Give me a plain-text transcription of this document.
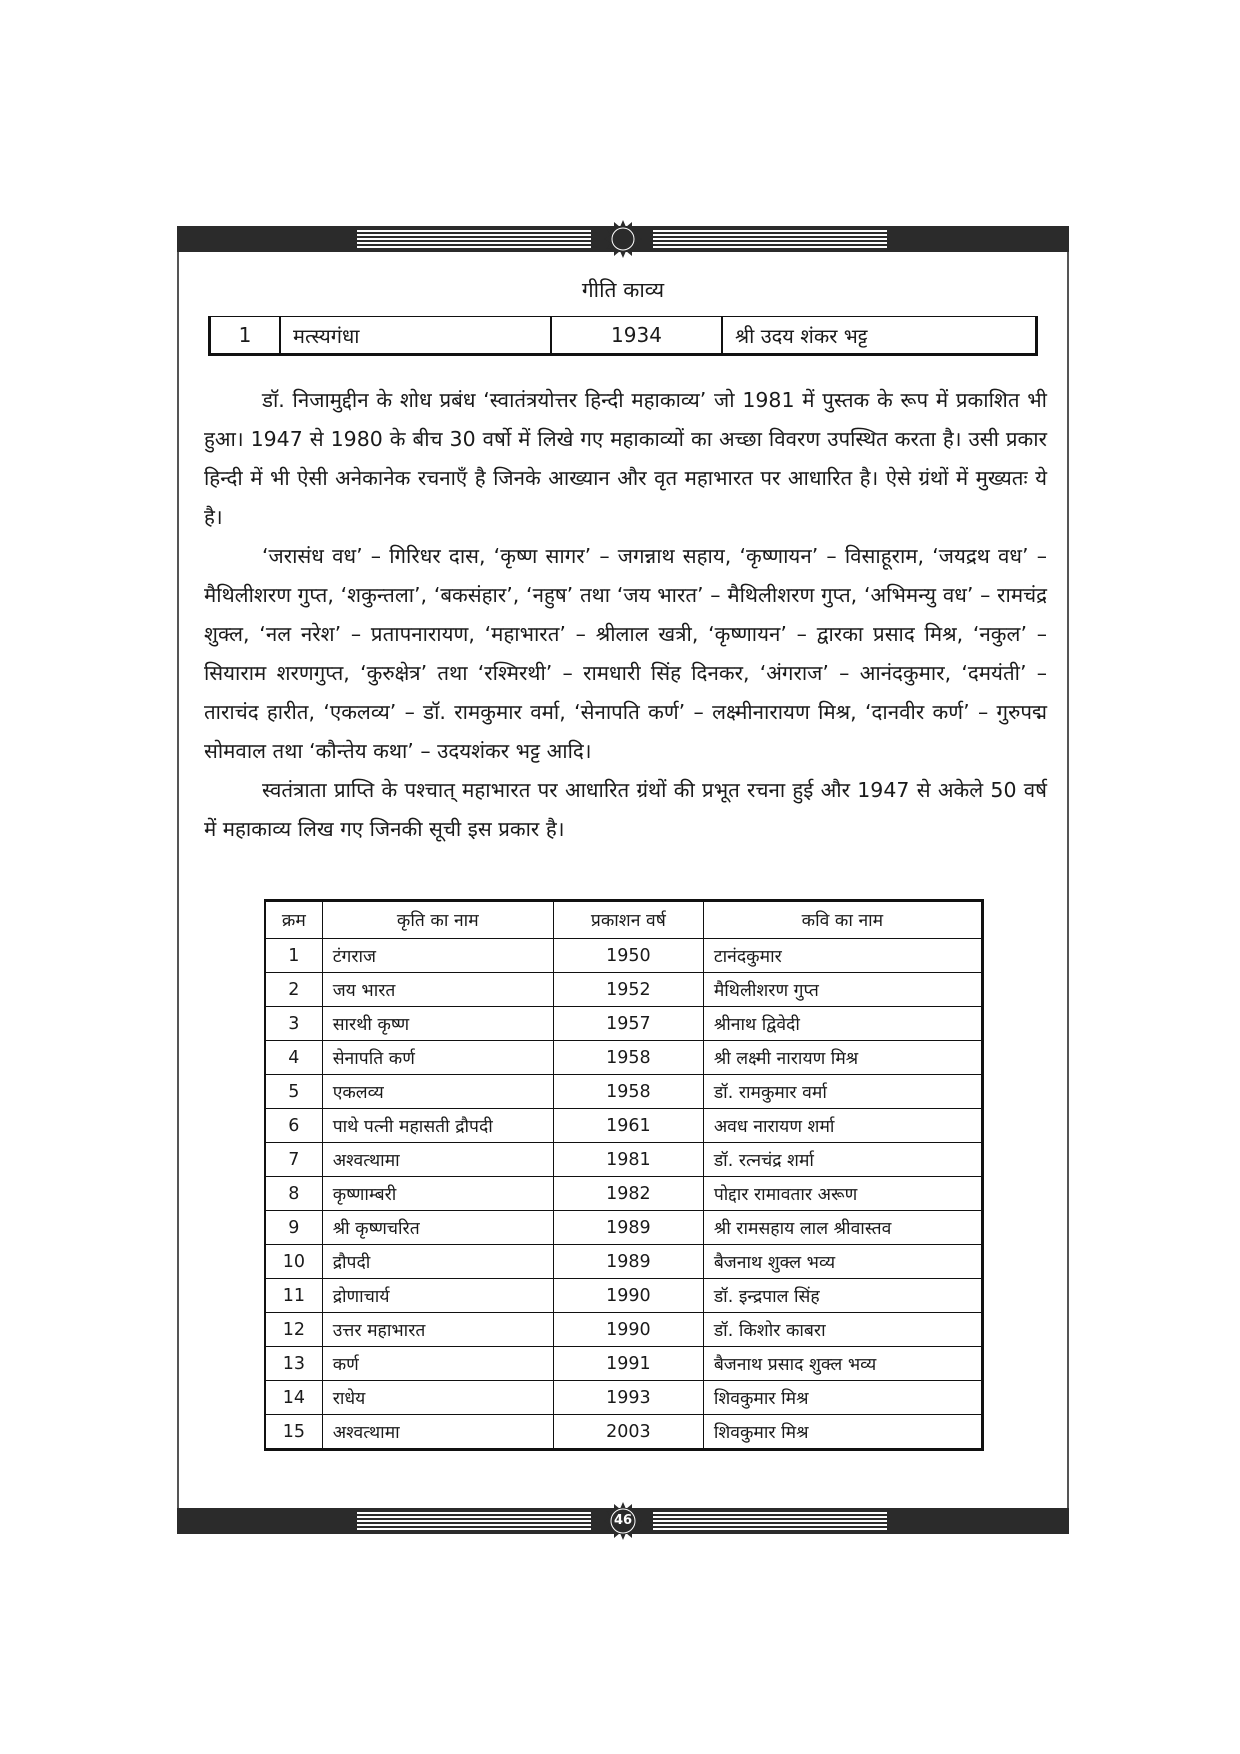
गीति काव्य
1	मत्स्यगंधा	1934	श्री उदय शंकर भट्ट

डॉ. निजामुद्दीन के शोध प्रबंध ‘स्वातंत्रयोत्तर हिन्दी महाकाव्य’ जो 1981 में पुस्तक के रूप में प्रकाशित भी हुआ। 1947 से 1980 के बीच 30 वर्षो में लिखे गए महाकाव्यों का अच्छा विवरण उपस्थित करता है। उसी प्रकार हिन्दी में भी ऐसी अनेकानेक रचनाएँ है जिनके आख्यान और वृत महाभारत पर आधारित है। ऐसे ग्रंथों में मुख्यतः ये है।

‘जरासंध वध’ – गिरिधर दास, ‘कृष्ण सागर’ – जगन्नाथ सहाय, ‘कृष्णायन’ – विसाहूराम, ‘जयद्रथ वध’ – मैथिलीशरण गुप्त, ‘शकुन्तला’, ‘बकसंहार’, ‘नहुष’ तथा ‘जय भारत’ – मैथिलीशरण गुप्त, ‘अभिमन्यु वध’ – रामचंद्र शुक्ल, ‘नल नरेश’ – प्रतापनारायण, ‘महाभारत’ – श्रीलाल खत्री, ‘कृष्णायन’ – द्वारका प्रसाद मिश्र, ‘नकुल’ – सियाराम शरणगुप्त, ‘कुरुक्षेत्र’ तथा ‘रश्मिरथी’ – रामधारी सिंह दिनकर, ‘अंगराज’ – आनंदकुमार, ‘दमयंती’ – ताराचंद हारीत, ‘एकलव्य’ – डॉ. रामकुमार वर्मा, ‘सेनापति कर्ण’ – लक्ष्मीनारायण मिश्र, ‘दानवीर कर्ण’ – गुरुपद्म सोमवाल तथा ‘कौन्तेय कथा’ – उदयशंकर भट्ट आदि।

स्वतंत्राता प्राप्ति के पश्चात् महाभारत पर आधारित ग्रंथों की प्रभूत रचना हुई और 1947 से अकेले 50 वर्ष में महाकाव्य लिख गए जिनकी सूची इस प्रकार है।

क्रम	कृति का नाम	प्रकाशन वर्ष	कवि का नाम
1	टंगराज	1950	टानंदकुमार
2	जय भारत	1952	मैथिलीशरण गुप्त
3	सारथी कृष्ण	1957	श्रीनाथ द्विवेदी
4	सेनापति कर्ण	1958	श्री लक्ष्मी नारायण मिश्र
5	एकलव्य	1958	डॉ. रामकुमार वर्मा
6	पाथे पत्नी महासती द्रौपदी	1961	अवध नारायण शर्मा
7	अश्वत्थामा	1981	डॉ. रत्नचंद्र शर्मा
8	कृष्णाम्बरी	1982	पोद्दार रामावतार अरूण
9	श्री कृष्णचरित	1989	श्री रामसहाय लाल श्रीवास्तव
10	द्रौपदी	1989	बैजनाथ शुक्ल भव्य
11	द्रोणाचार्य	1990	डॉ. इन्द्रपाल सिंह
12	उत्तर महाभारत	1990	डॉ. किशोर काबरा
13	कर्ण	1991	बैजनाथ प्रसाद शुक्ल भव्य
14	राधेय	1993	शिवकुमार मिश्र
15	अश्वत्थामा	2003	शिवकुमार मिश्र
46
